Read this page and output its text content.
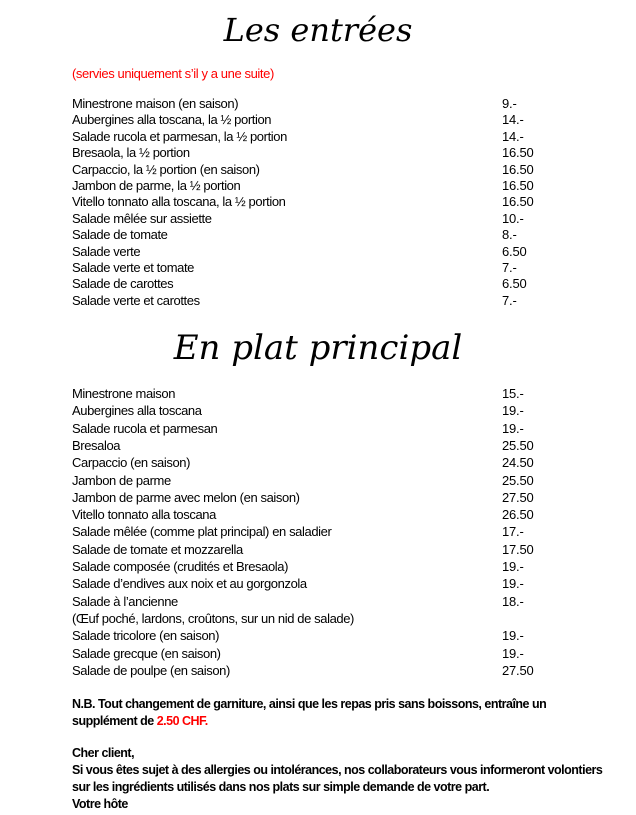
Les entrées
(servies uniquement s’il y a une suite)
Minestrone maison (en saison)	9.-
Aubergines alla toscana, la ½ portion	14.-
Salade rucola et parmesan, la ½ portion	14.-
Bresaola, la ½ portion	16.50
Carpaccio, la ½ portion (en saison)	16.50
Jambon de parme, la ½ portion	16.50
Vitello tonnato alla toscana, la ½ portion	16.50
Salade mêlée sur assiette	10.-
Salade de tomate	8.-
Salade verte	6.50
Salade verte et tomate	7.-
Salade de carottes	6.50
Salade verte et carottes	7.-
En plat principal
Minestrone maison	15.-
Aubergines alla toscana	19.-
Salade rucola et parmesan	19.-
Bresaloa	25.50
Carpaccio (en saison)	24.50
Jambon de parme	25.50
Jambon de parme avec melon (en saison)	27.50
Vitello tonnato alla toscana	26.50
Salade mêlée (comme plat principal) en saladier	17.-
Salade de tomate et mozzarella	17.50
Salade composée (crudités et Bresaola)	19.-
Salade d’endives aux noix et au gorgonzola	19.-
Salade à l’ancienne	18.-
(Œuf poché, lardons, croûtons, sur un nid de salade)
Salade tricolore (en saison)	19.-
Salade grecque (en saison)	19.-
Salade de poulpe (en saison)	27.50
N.B. Tout changement de garniture, ainsi que les repas pris sans boissons, entraîne un
supplément de 2.50 CHF.
Cher client,
Si vous êtes sujet à des allergies ou intolérances, nos collaborateurs vous informeront volontiers
sur les ingrédients utilisés dans nos plats sur simple demande de votre part.
Votre hôte
